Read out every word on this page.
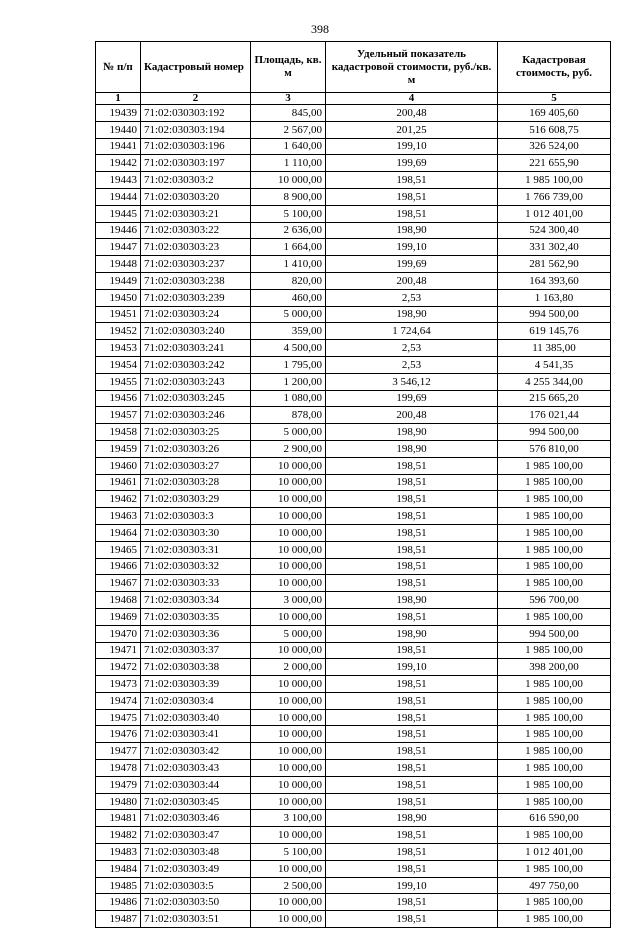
398
№ п/п	Кадастровый номер	Площадь, кв. м	Удельный показатель кадастровой стоимости, руб./кв. м	Кадастровая стоимость, руб.
1	2	3	4	5
19439	71:02:030303:192	845,00	200,48	169 405,60
19440	71:02:030303:194	2 567,00	201,25	516 608,75
19441	71:02:030303:196	1 640,00	199,10	326 524,00
19442	71:02:030303:197	1 110,00	199,69	221 655,90
19443	71:02:030303:2	10 000,00	198,51	1 985 100,00
19444	71:02:030303:20	8 900,00	198,51	1 766 739,00
19445	71:02:030303:21	5 100,00	198,51	1 012 401,00
19446	71:02:030303:22	2 636,00	198,90	524 300,40
19447	71:02:030303:23	1 664,00	199,10	331 302,40
19448	71:02:030303:237	1 410,00	199,69	281 562,90
19449	71:02:030303:238	820,00	200,48	164 393,60
19450	71:02:030303:239	460,00	2,53	1 163,80
19451	71:02:030303:24	5 000,00	198,90	994 500,00
19452	71:02:030303:240	359,00	1 724,64	619 145,76
19453	71:02:030303:241	4 500,00	2,53	11 385,00
19454	71:02:030303:242	1 795,00	2,53	4 541,35
19455	71:02:030303:243	1 200,00	3 546,12	4 255 344,00
19456	71:02:030303:245	1 080,00	199,69	215 665,20
19457	71:02:030303:246	878,00	200,48	176 021,44
19458	71:02:030303:25	5 000,00	198,90	994 500,00
19459	71:02:030303:26	2 900,00	198,90	576 810,00
19460	71:02:030303:27	10 000,00	198,51	1 985 100,00
19461	71:02:030303:28	10 000,00	198,51	1 985 100,00
19462	71:02:030303:29	10 000,00	198,51	1 985 100,00
19463	71:02:030303:3	10 000,00	198,51	1 985 100,00
19464	71:02:030303:30	10 000,00	198,51	1 985 100,00
19465	71:02:030303:31	10 000,00	198,51	1 985 100,00
19466	71:02:030303:32	10 000,00	198,51	1 985 100,00
19467	71:02:030303:33	10 000,00	198,51	1 985 100,00
19468	71:02:030303:34	3 000,00	198,90	596 700,00
19469	71:02:030303:35	10 000,00	198,51	1 985 100,00
19470	71:02:030303:36	5 000,00	198,90	994 500,00
19471	71:02:030303:37	10 000,00	198,51	1 985 100,00
19472	71:02:030303:38	2 000,00	199,10	398 200,00
19473	71:02:030303:39	10 000,00	198,51	1 985 100,00
19474	71:02:030303:4	10 000,00	198,51	1 985 100,00
19475	71:02:030303:40	10 000,00	198,51	1 985 100,00
19476	71:02:030303:41	10 000,00	198,51	1 985 100,00
19477	71:02:030303:42	10 000,00	198,51	1 985 100,00
19478	71:02:030303:43	10 000,00	198,51	1 985 100,00
19479	71:02:030303:44	10 000,00	198,51	1 985 100,00
19480	71:02:030303:45	10 000,00	198,51	1 985 100,00
19481	71:02:030303:46	3 100,00	198,90	616 590,00
19482	71:02:030303:47	10 000,00	198,51	1 985 100,00
19483	71:02:030303:48	5 100,00	198,51	1 012 401,00
19484	71:02:030303:49	10 000,00	198,51	1 985 100,00
19485	71:02:030303:5	2 500,00	199,10	497 750,00
19486	71:02:030303:50	10 000,00	198,51	1 985 100,00
19487	71:02:030303:51	10 000,00	198,51	1 985 100,00
